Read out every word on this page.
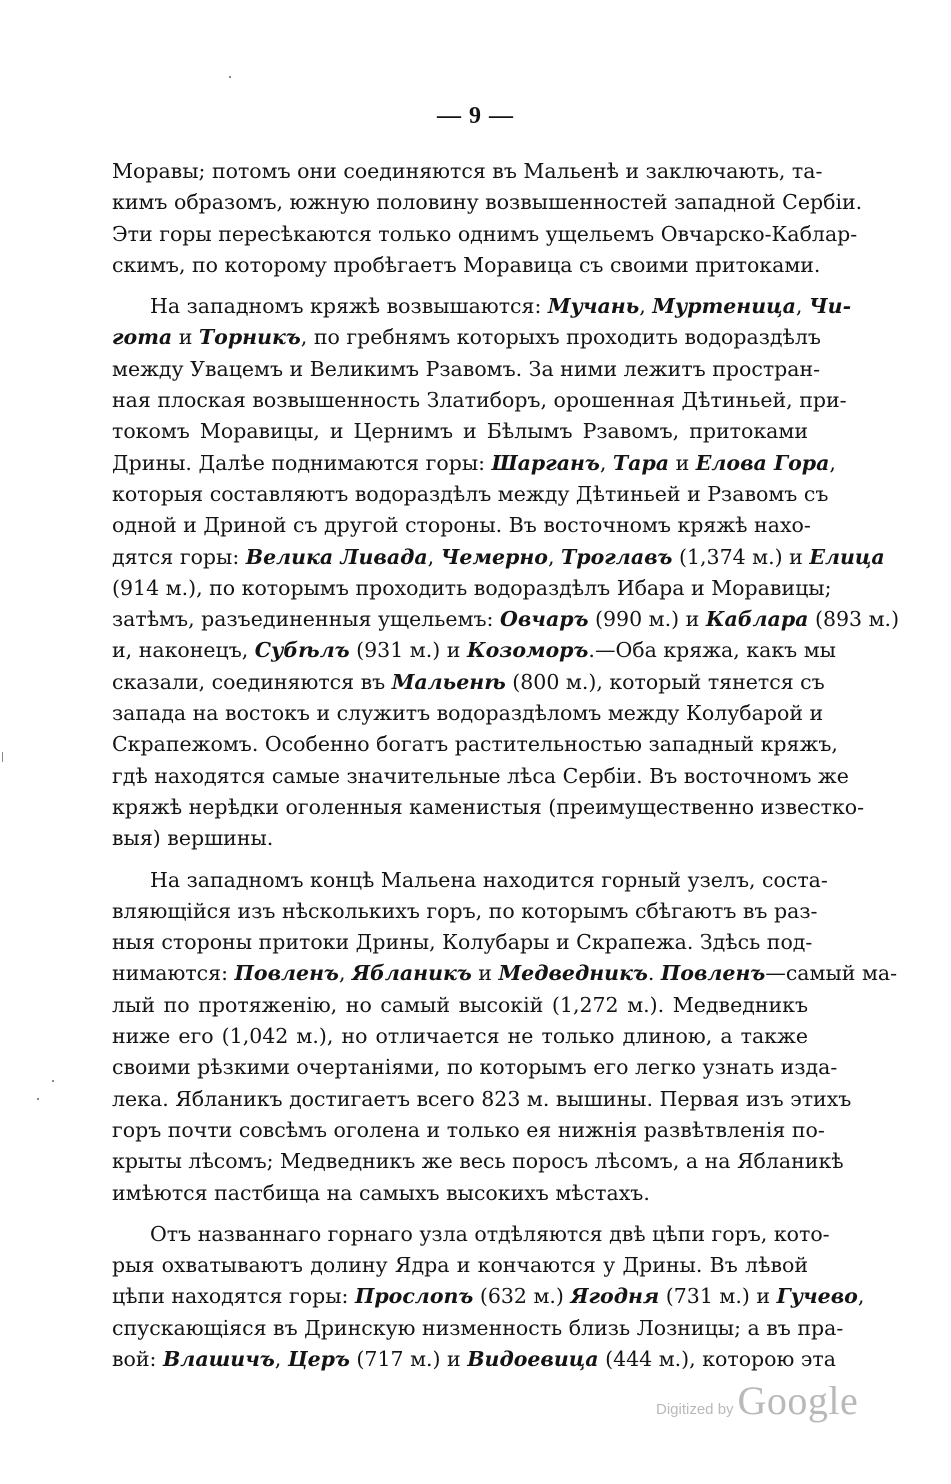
— 9 —
Моравы; потомъ они соединяются въ Мальенѣ и заключають, та-
кимъ образомъ, южную половину возвышенностей западной Сербіи.
Эти горы пересѣкаются только однимъ ущельемъ Овчарско-Каблар-
скимъ, по которому пробѣгаетъ Моравица съ своими притоками.
На западномъ кряжѣ возвышаются: Мучань, Муртеница, Чи-
гота и Торникъ, по гребнямъ которыхъ проходить водораздѣлъ
между Увацемъ и Великимъ Рзавомъ. За ними лежитъ простран-
ная плоская возвышенность Златиборъ, орошенная Дѣтиньей, при-
токомъ Моравицы, и Цернимъ и Бѣлымъ Рзавомъ, притоками
Дрины. Далѣе поднимаются горы: Шарганъ, Тара и Елова Гора,
которыя составляютъ водораздѣлъ между Дѣтиньей и Рзавомъ съ
одной и Дриной съ другой стороны. Въ восточномъ кряжѣ нахо-
дятся горы: Велика Ливада, Чемерно, Троглавъ (1,374 м.) и Елица
(914 м.), по которымъ проходить водораздѣлъ Ибара и Моравицы;
затѣмъ, разъединенныя ущельемъ: Овчаръ (990 м.) и Каблара (893 м.)
и, наконецъ, Субѣлъ (931 м.) и Козоморъ.—Оба кряжа, какъ мы
сказали, соединяются въ Мальенѣ (800 м.), который тянется съ
запада на востокъ и служитъ водораздѣломъ между Колубарой и
Скрапежомъ. Особенно богатъ растительностью западный кряжъ,
гдѣ находятся самые значительные лѣса Сербіи. Въ восточномъ же
кряжѣ нерѣдки оголенныя каменистыя (преимущественно известко-
выя) вершины.
На западномъ концѣ Мальена находится горный узелъ, соста-
вляющійся изъ нѣсколькихъ горъ, по которымъ сбѣгаютъ въ раз-
ныя стороны притоки Дрины, Колубары и Скрапежа. Здѣсь под-
нимаются: Повленъ, Ябланикъ и Медведникъ. Повленъ—самый ма-
лый по протяженію, но самый высокій (1,272 м.). Медведникъ
ниже его (1,042 м.), но отличается не только длиною, а также
своими рѣзкими очертаніями, по которымъ его легко узнать изда-
лека. Ябланикъ достигаетъ всего 823 м. вышины. Первая изъ этихъ
горъ почти совсѣмъ оголена и только ея нижнія развѣтвленія по-
крыты лѣсомъ; Медведникъ же весь поросъ лѣсомъ, а на Ябланикѣ
имѣются пастбища на самыхъ высокихъ мѣстахъ.
Отъ названнаго горнаго узла отдѣляются двѣ цѣпи горъ, кото-
рыя охватываютъ долину Ядра и кончаются у Дрины. Въ лѣвой
цѣпи находятся горы: Прослопъ (632 м.) Ягодня (731 м.) и Гучево,
спускающіяся въ Дринскую низменность близь Лозницы; а въ пра-
вой: Влашичъ, Церъ (717 м.) и Видоевица (444 м.), которою эта
Digitized by Google
